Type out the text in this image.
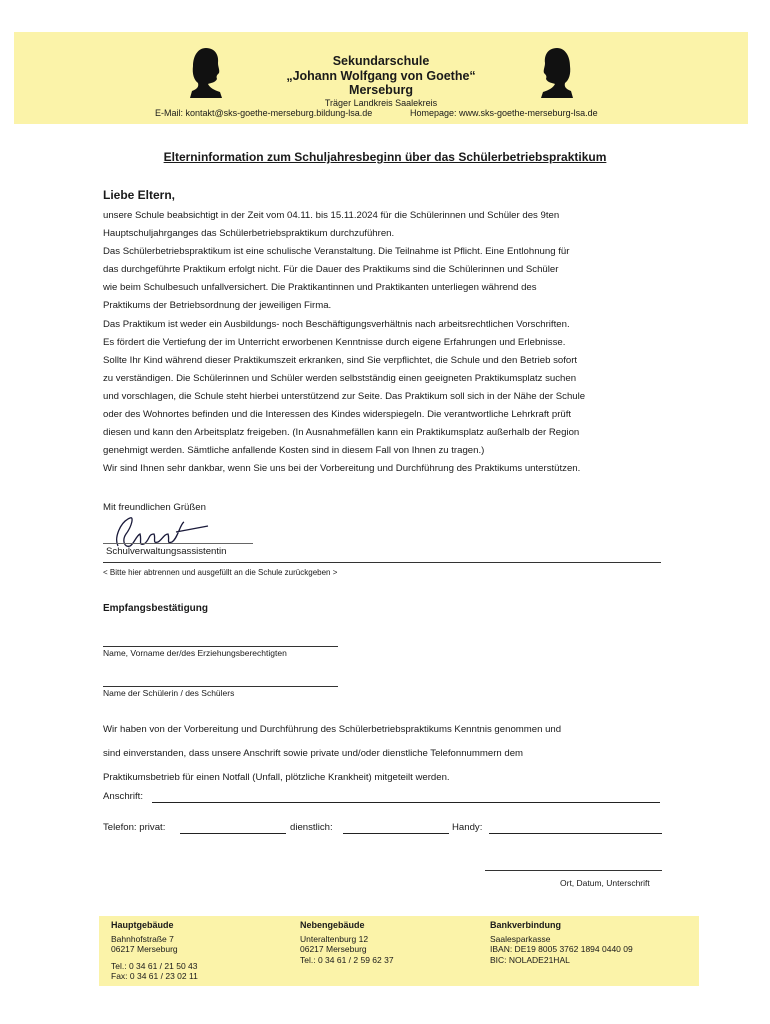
Sekundarschule
„Johann Wolfgang von Goethe“
Merseburg
Träger Landkreis Saalekreis
E-Mail: kontakt@sks-goethe-merseburg.bildung-lsa.de	Homepage: www.sks-goethe-merseburg-lsa.de
Elterninformation zum Schuljahresbeginn über das Schülerbetriebspraktikum
Liebe Eltern,

unsere Schule beabsichtigt in der Zeit vom 04.11. bis 15.11.2024 für die Schülerinnen und Schüler des 9ten

Hauptschuljahrganges das Schülerbetriebspraktikum durchzuführen.

Das Schülerbetriebspraktikum ist eine schulische Veranstaltung. Die Teilnahme ist Pflicht. Eine Entlohnung für

das durchgeführte Praktikum erfolgt nicht. Für die Dauer des Praktikums sind die Schülerinnen und Schüler

wie beim Schulbesuch unfallversichert. Die Praktikantinnen und Praktikanten unterliegen während des

Praktikums der Betriebsordnung der jeweiligen Firma.

Das Praktikum ist weder ein Ausbildungs- noch Beschäftigungsverhältnis nach arbeitsrechtlichen Vorschriften.

Es fördert die Vertiefung der im Unterricht erworbenen Kenntnisse durch eigene Erfahrungen und Erlebnisse.

Sollte Ihr Kind während dieser Praktikumszeit erkranken, sind Sie verpflichtet, die Schule und den Betrieb sofort

zu verständigen. Die Schülerinnen und Schüler werden selbstständig einen geeigneten Praktikumsplatz suchen

und vorschlagen, die Schule steht hierbei unterstützend zur Seite. Das Praktikum soll sich in der Nähe der Schule

oder des Wohnortes befinden und die Interessen des Kindes widerspiegeln. Die verantwortliche Lehrkraft prüft

diesen und kann den Arbeitsplatz freigeben. (In Ausnahmefällen kann ein Praktikumsplatz außerhalb der Region

genehmigt werden. Sämtliche anfallende Kosten sind in diesem Fall von Ihnen zu tragen.)

Wir sind Ihnen sehr dankbar, wenn Sie uns bei der Vorbereitung und Durchführung des Praktikums unterstützen.

Mit freundlichen Grüßen
Schulverwaltungsassistentin
< Bitte hier abtrennen und ausgefüllt an die Schule zurückgeben >
Empfangsbestätigung
Name, Vorname der/des Erziehungsberechtigten
Name der Schülerin / des Schülers

Wir haben von der Vorbereitung und Durchführung des Schülerbetriebspraktikums Kenntnis genommen und

sind einverstanden, dass unsere Anschrift sowie private und/oder dienstliche Telefonnummern dem

Praktikumsbetrieb für einen Notfall (Unfall, plötzliche Krankheit) mitgeteilt werden.

Anschrift:
Telefon: privat:	dienstlich:	Handy:
Ort, Datum, Unterschrift
Hauptgebäude
Bahnhofstraße 7
06217 Merseburg
Tel.: 0 34 61 / 21 50 43
Fax: 0 34 61 / 23 02 11
Nebengebäude
Unteraltenburg 12
06217 Merseburg
Tel.: 0 34 61 / 2 59 62 37
Bankverbindung
Saalesparkasse
IBAN: DE19 8005 3762 1894 0440 09
BIC: NOLADE21HAL
